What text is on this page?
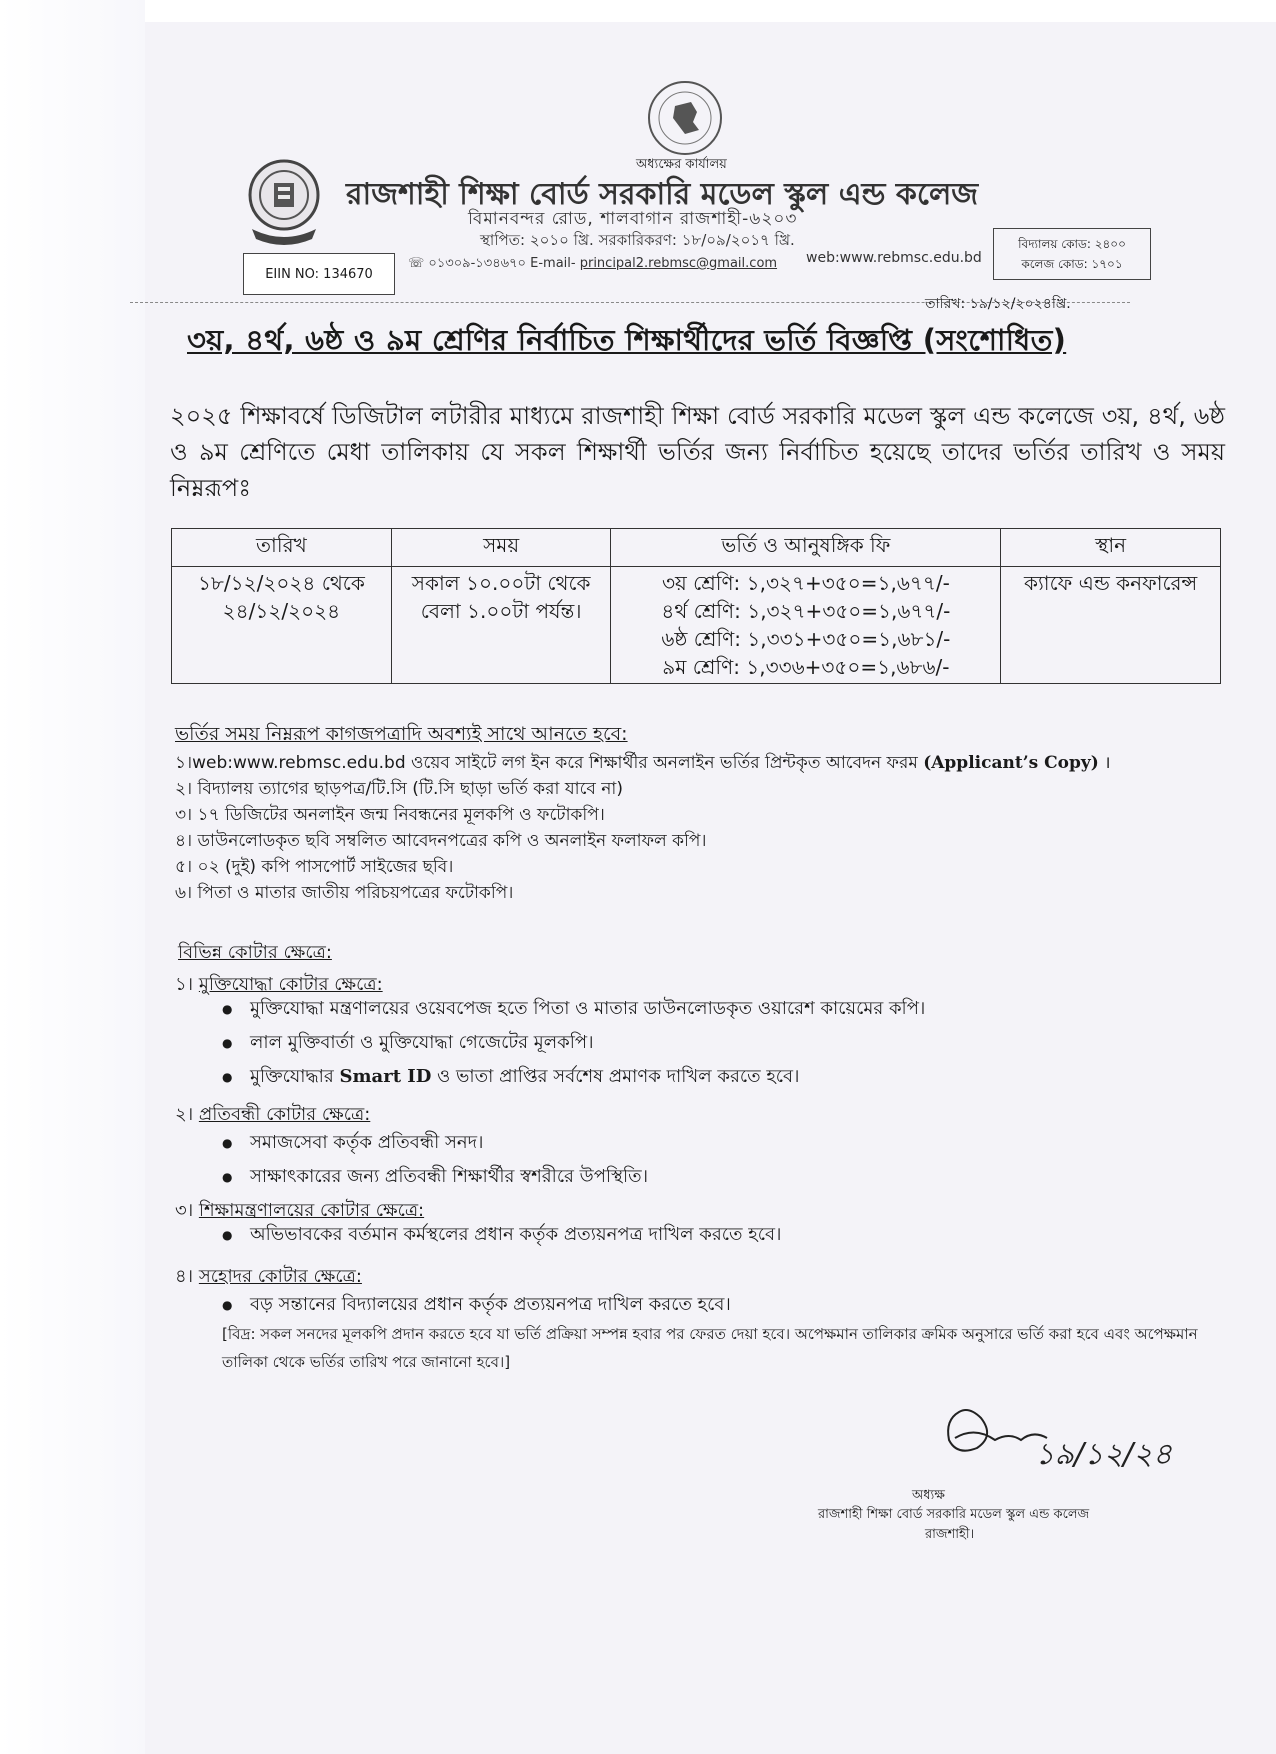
অধ্যক্ষের কার্যালয়
রাজশাহী শিক্ষা বোর্ড সরকারি মডেল স্কুল এন্ড কলেজ
বিমানবন্দর রোড, শালবাগান রাজশাহী-৬২০৩
স্থাপিত: ২০১০ খ্রি. সরকারিকরণ: ১৮/০৯/২০১৭ খ্রি.
☏ ০১৩০৯-১৩৪৬৭০ E-mail- principal2.rebmsc@gmail.com web:www.rebmsc.edu.bd
EIIN NO: 134670
বিদ্যালয় কোড: ২৪০০
কলেজ কোড: ১৭০১
তারিখ: ১৯/১২/২০২৪খ্রি.
৩য়, ৪র্থ, ৬ষ্ঠ ও ৯ম শ্রেণির নির্বাচিত শিক্ষার্থীদের ভর্তি বিজ্ঞপ্তি (সংশোধিত)
২০২৫ শিক্ষাবর্ষে ডিজিটাল লটারীর মাধ্যমে রাজশাহী শিক্ষা বোর্ড সরকারি মডেল স্কুল এন্ড কলেজে ৩য়, ৪র্থ, ৬ষ্ঠ ও ৯ম শ্রেণিতে মেধা তালিকায় যে সকল শিক্ষার্থী ভর্তির জন্য নির্বাচিত হয়েছে তাদের ভর্তির তারিখ ও সময় নিম্নরূপঃ
তারিখ	সময়	ভর্তি ও আনুষঙ্গিক ফি	স্থান
১৮/১২/২০২৪ থেকে ২৪/১২/২০২৪	সকাল ১০.০০টা থেকে বেলা ১.০০টা পর্যন্ত।	৩য় শ্রেণি: ১,৩২৭+৩৫০=১,৬৭৭/-
৪র্থ শ্রেণি: ১,৩২৭+৩৫০=১,৬৭৭/-
৬ষ্ঠ শ্রেণি: ১,৩৩১+৩৫০=১,৬৮১/-
৯ম শ্রেণি: ১,৩৩৬+৩৫০=১,৬৮৬/-	ক্যাফে এন্ড কনফারেন্স
ভর্তির সময় নিম্নরূপ কাগজপত্রাদি অবশ্যই সাথে আনতে হবে:
১।web:www.rebmsc.edu.bd ওয়েব সাইটে লগ ইন করে শিক্ষার্থীর অনলাইন ভর্তির প্রিন্টকৃত আবেদন ফরম (Applicant’s Copy) ।
২। বিদ্যালয় ত্যাগের ছাড়পত্র/টি.সি (টি.সি ছাড়া ভর্তি করা যাবে না)
৩। ১৭ ডিজিটের অনলাইন জন্ম নিবন্ধনের মূলকপি ও ফটোকপি।
৪। ডাউনলোডকৃত ছবি সম্বলিত আবেদনপত্রের কপি ও অনলাইন ফলাফল কপি।
৫। ০২ (দুই) কপি পাসপোর্ট সাইজের ছবি।
৬। পিতা ও মাতার জাতীয় পরিচয়পত্রের ফটোকপি।
বিভিন্ন কোটার ক্ষেত্রে:
১। মুক্তিযোদ্ধা কোটার ক্ষেত্রে:
● মুক্তিযোদ্ধা মন্ত্রণালয়ের ওয়েবপেজ হতে পিতা ও মাতার ডাউনলোডকৃত ওয়ারেশ কায়েমের কপি।
● লাল মুক্তিবার্তা ও মুক্তিযোদ্ধা গেজেটের মূলকপি।
● মুক্তিযোদ্ধার Smart ID ও ভাতা প্রাপ্তির সর্বশেষ প্রমাণক দাখিল করতে হবে।
২। প্রতিবন্ধী কোটার ক্ষেত্রে:
● সমাজসেবা কর্তৃক প্রতিবন্ধী সনদ।
● সাক্ষাৎকারের জন্য প্রতিবন্ধী শিক্ষার্থীর স্বশরীরে উপস্থিতি।
৩। শিক্ষামন্ত্রণালয়ের কোটার ক্ষেত্রে:
● অভিভাবকের বর্তমান কর্মস্থলের প্রধান কর্তৃক প্রত্যয়নপত্র দাখিল করতে হবে।
৪। সহোদর কোটার ক্ষেত্রে:
● বড় সন্তানের বিদ্যালয়ের প্রধান কর্তৃক প্রত্যয়নপত্র দাখিল করতে হবে।
[বিদ্র: সকল সনদের মূলকপি প্রদান করতে হবে যা ভর্তি প্রক্রিয়া সম্পন্ন হবার পর ফেরত দেয়া হবে। অপেক্ষমান তালিকার ক্রমিক অনুসারে ভর্তি করা হবে এবং অপেক্ষমান তালিকা থেকে ভর্তির তারিখ পরে জানানো হবে।]
১৯/১২/২৪
অধ্যক্ষ
রাজশাহী শিক্ষা বোর্ড সরকারি মডেল স্কুল এন্ড কলেজ
রাজশাহী।
